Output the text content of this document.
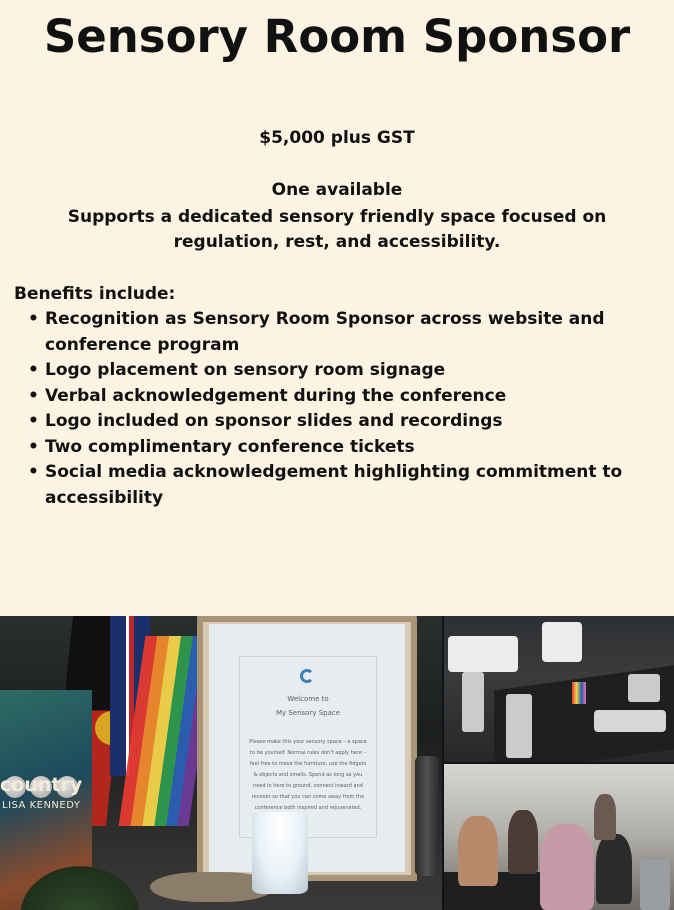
Sensory Room Sponsor
$5,000 plus GST
One available
Supports a dedicated sensory friendly space focused on regulation, rest, and accessibility.
Benefits include:
• Recognition as Sensory Room Sponsor across website and conference program
• Logo placement on sensory room signage
• Verbal acknowledgement during the conference
• Logo included on sponsor slides and recordings
• Two complimentary conference tickets
• Social media acknowledgement highlighting commitment to accessibility
country
LISA KENNEDY
Welcome to
My Sensory Space
Please make this your sensory space – a space to be yourself. Normal rules don't apply here – feel free to move the furniture, use the fidgets & objects and smells. Spend as long as you need in here to ground, connect inward and recover so that you can come away from the conference both inspired and rejuvenated.
